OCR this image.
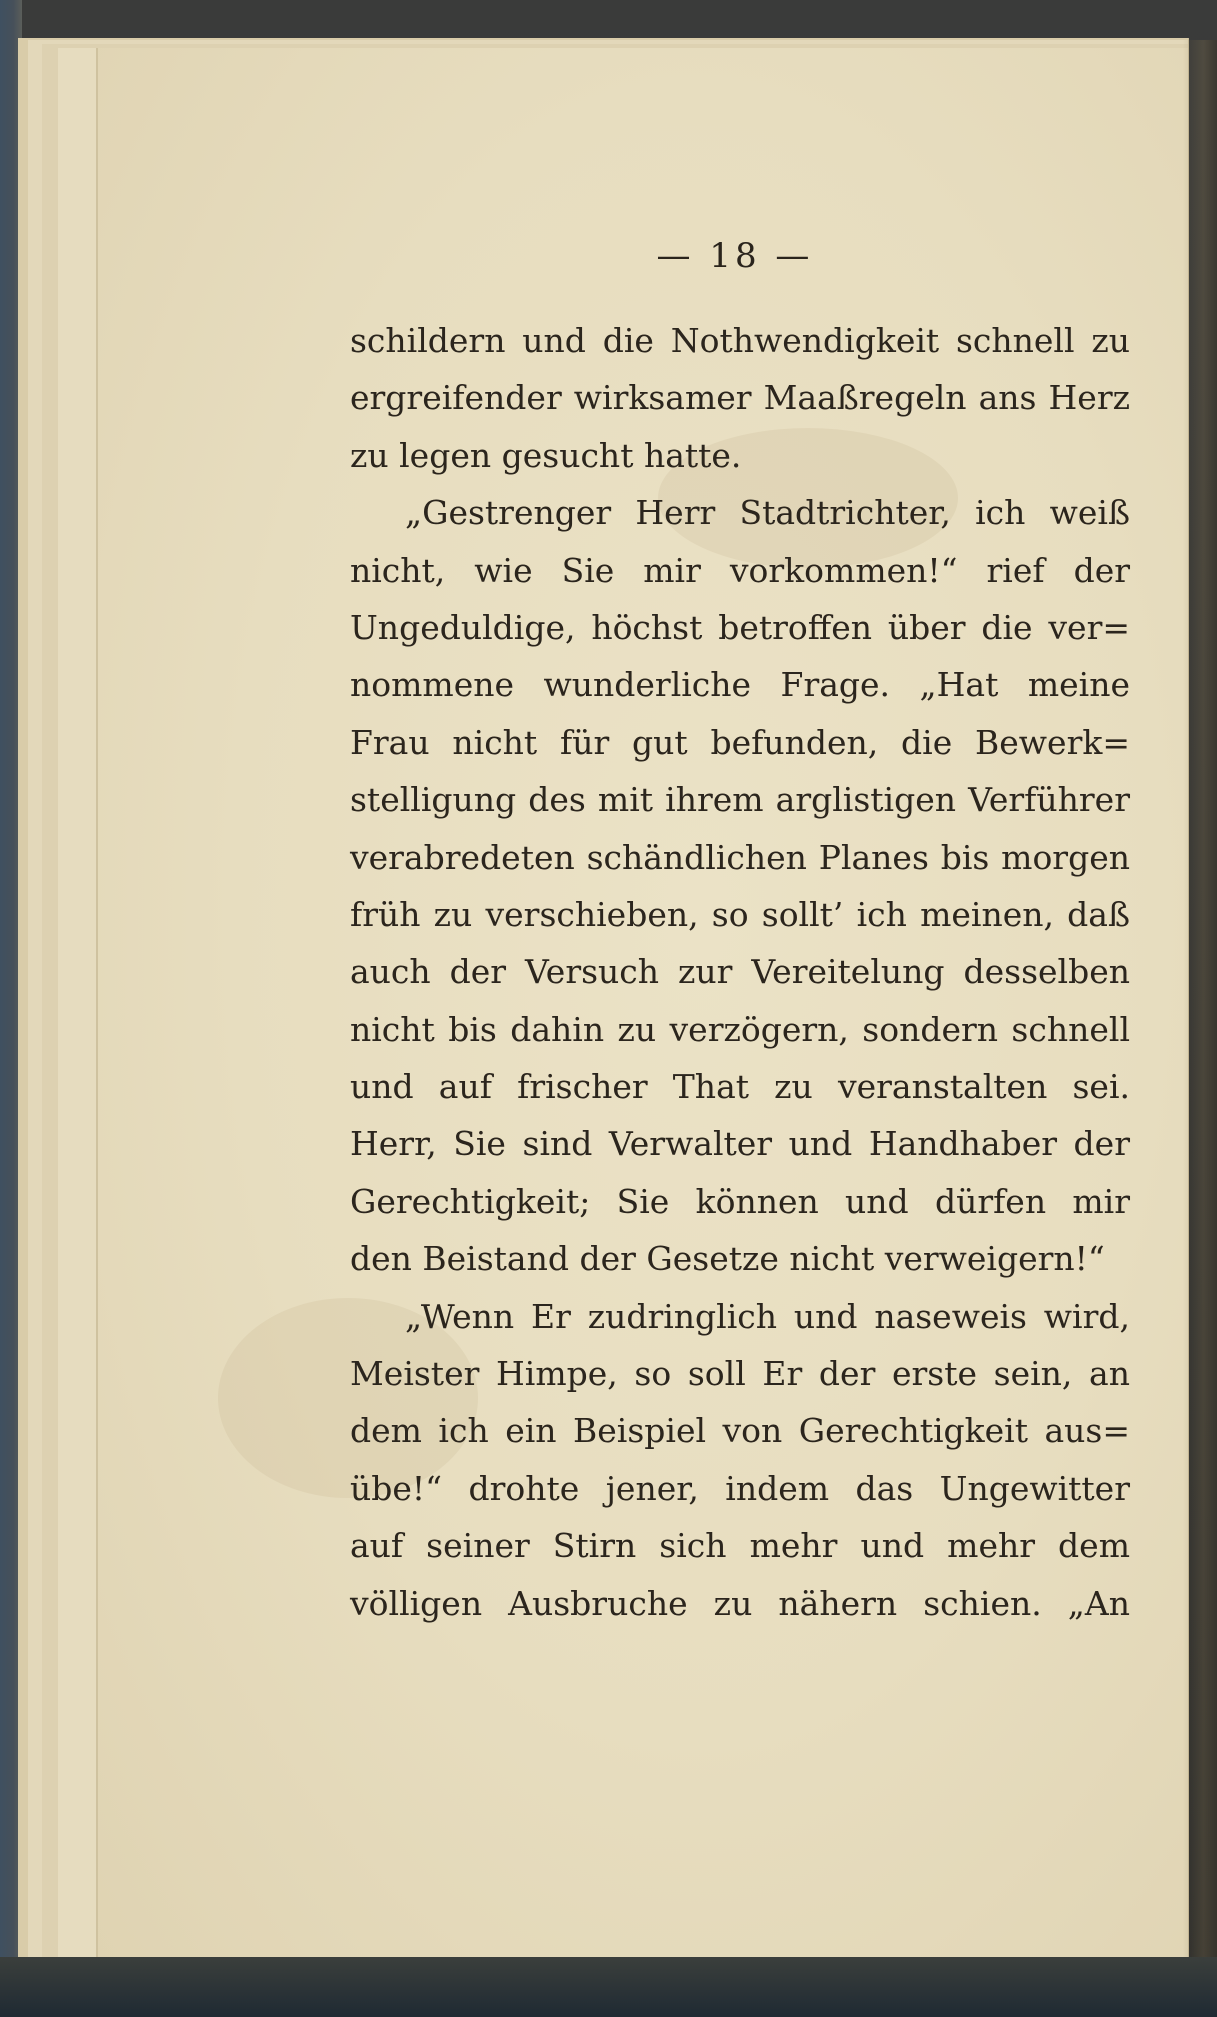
— 18 —
schildern und die Nothwendigkeit schnell zu
ergreifender wirksamer Maaßregeln ans Herz
zu legen gesucht hatte.
„Gestrenger Herr Stadtrichter, ich weiß
nicht, wie Sie mir vorkommen!“ rief der
Ungeduldige, höchst betroffen über die ver=
nommene wunderliche Frage. „Hat meine
Frau nicht für gut befunden, die Bewerk=
stelligung des mit ihrem arglistigen Verführer
verabredeten schändlichen Planes bis morgen
früh zu verschieben, so sollt’ ich meinen, daß
auch der Versuch zur Vereitelung desselben
nicht bis dahin zu verzögern, sondern schnell
und auf frischer That zu veranstalten sei.
Herr, Sie sind Verwalter und Handhaber der
Gerechtigkeit; Sie können und dürfen mir
den Beistand der Gesetze nicht verweigern!“
„Wenn Er zudringlich und naseweis wird,
Meister Himpe, so soll Er der erste sein, an
dem ich ein Beispiel von Gerechtigkeit aus=
übe!“ drohte jener, indem das Ungewitter
auf seiner Stirn sich mehr und mehr dem
völligen Ausbruche zu nähern schien. „An
